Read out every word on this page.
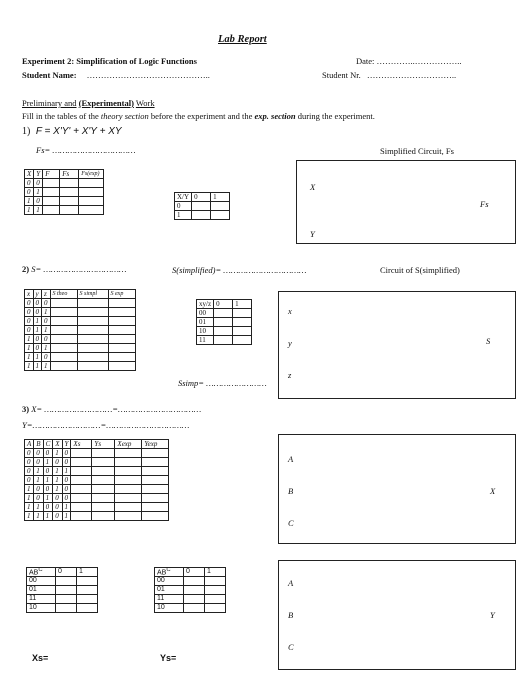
Lab Report
Experiment 2: Simplification of Logic Functions
Student Name: ……………………………………..
Date: …………..……………..
Student Nr. …………………………..
Preliminary and (Experimental) Work
Fill in the tables of the theory section before the experiment and the exp. section during the experiment.
1) F = X'Y' + X'Y + XY
Fs= ……………………………	Simplified Circuit, Fs
X	Y	F	Fs	Fs(exp)
0	0			
0	1			
1	0			
1	1			
X/Y	0	1
0		
1		
X
Y
Fs
2) S= ……………………………	S(simplified)= ……………………………	Circuit of S(simplified)
x	y	z	S theo	S simpl	S exp
0	0	0			
0	0	1			
0	1	0			
0	1	1			
1	0	0			
1	0	1			
1	1	0			
1	1	1			
xy/z	0	1
00		
01		
10		
11		
Ssimp= ……………………
x
y
z
S
3) X= ………………………=……………………………
Y=………………………=……………………………
A	B	C	X	Y	Xs	Ys	Xexp	Yexp
0	0	0	1	0				
0	0	1	0	0				
0	1	0	1	1				
0	1	1	1	0				
1	0	0	1	0				
1	0	1	0	0				
1	1	0	0	1				
1	1	1	0	1				
A
B
C
X
$AB^C$
	0	1
00		
01		
11		
10		
Xs=
$AB^C$
	0	1
00		
01		
11		
10		
Ys=
A
B
C
Y
